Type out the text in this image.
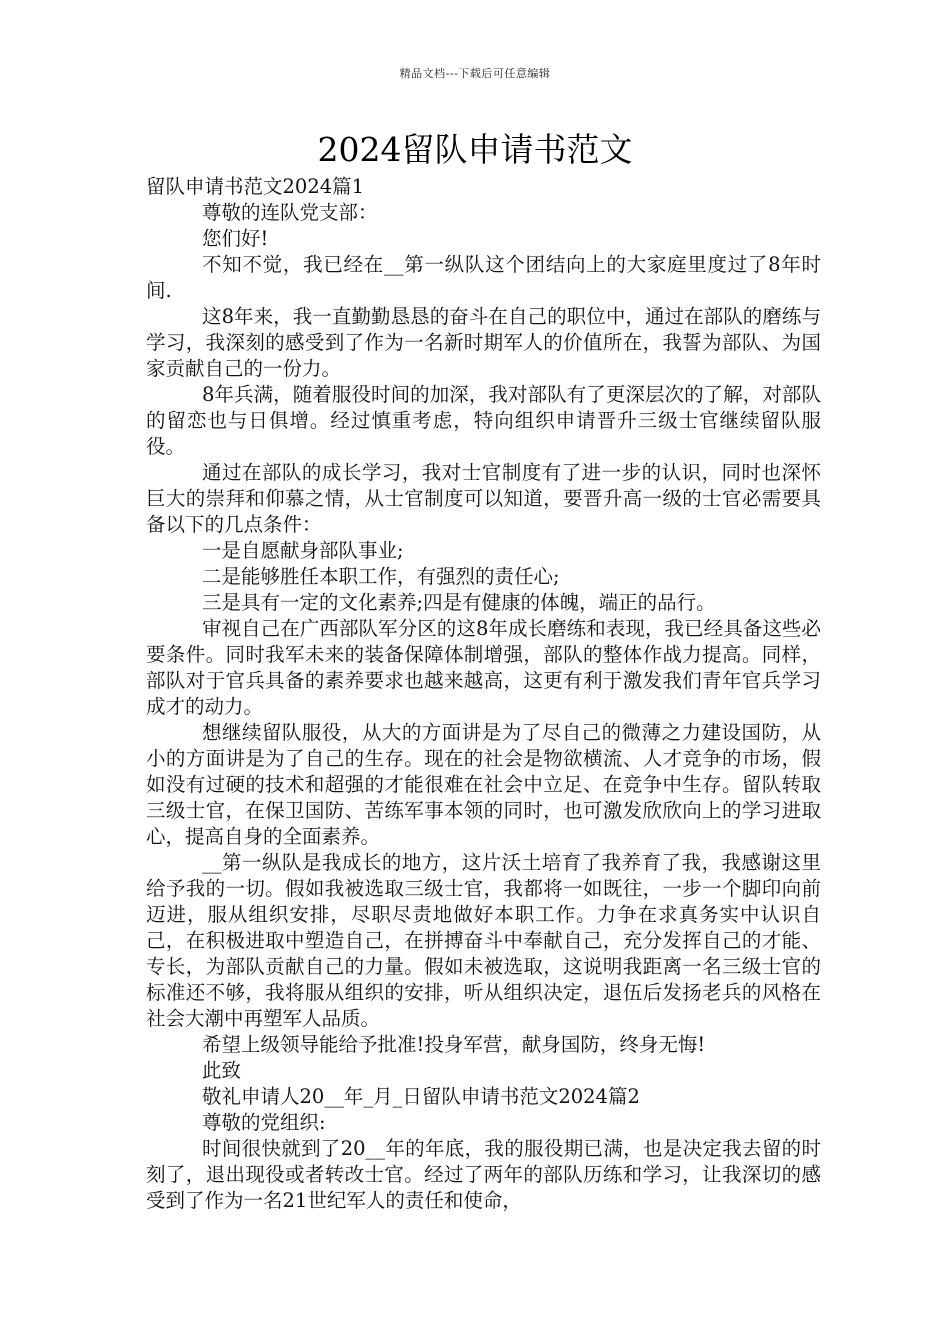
精品文档---下载后可任意编辑
2024留队申请书范文

留队申请书范文2024篇1

尊敬的连队党支部：

您们好!

不知不觉，我已经在__第一纵队这个团结向上的大家庭里度过了8年时间.

这8年来，我一直勤勤恳恳的奋斗在自己的职位中，通过在部队的磨练与学习，我深刻的感受到了作为一名新时期军人的价值所在，我誓为部队、为国家贡献自己的一份力。

8年兵满，随着服役时间的加深，我对部队有了更深层次的了解，对部队的留恋也与日俱增。经过慎重考虑，特向组织申请晋升三级士官继续留队服役。

通过在部队的成长学习，我对士官制度有了进一步的认识，同时也深怀巨大的崇拜和仰慕之情，从士官制度可以知道，要晋升高一级的士官必需要具备以下的几点条件：

一是自愿献身部队事业;

二是能够胜任本职工作，有强烈的责任心;

三是具有一定的文化素养;四是有健康的体魄，端正的品行。

审视自己在广西部队军分区的这8年成长磨练和表现，我已经具备这些必要条件。同时我军未来的装备保障体制增强，部队的整体作战力提高。同样，部队对于官兵具备的素养要求也越来越高，这更有利于激发我们青年官兵学习成才的动力。

想继续留队服役，从大的方面讲是为了尽自己的微薄之力建设国防，从小的方面讲是为了自己的生存。现在的社会是物欲横流、人才竞争的市场，假如没有过硬的技术和超强的才能很难在社会中立足、在竞争中生存。留队转取三级士官，在保卫国防、苦练军事本领的同时，也可激发欣欣向上的学习进取心，提高自身的全面素养。

__第一纵队是我成长的地方，这片沃土培育了我养育了我，我感谢这里给予我的一切。假如我被选取三级士官，我都将一如既往，一步一个脚印向前迈进，服从组织安排，尽职尽责地做好本职工作。力争在求真务实中认识自己，在积极进取中塑造自己，在拼搏奋斗中奉献自己，充分发挥自己的才能、专长，为部队贡献自己的力量。假如未被选取，这说明我距离一名三级士官的标准还不够，我将服从组织的安排，听从组织决定，退伍后发扬老兵的风格在社会大潮中再塑军人品质。

希望上级领导能给予批准!投身军营，献身国防，终身无悔!

此致

敬礼申请人20__年_月_日留队申请书范文2024篇2

尊敬的党组织:

时间很快就到了20__年的年底，我的服役期已满，也是决定我去留的时刻了，退出现役或者转改士官。经过了两年的部队历练和学习，让我深切的感受到了作为一名21世纪军人的责任和使命，
